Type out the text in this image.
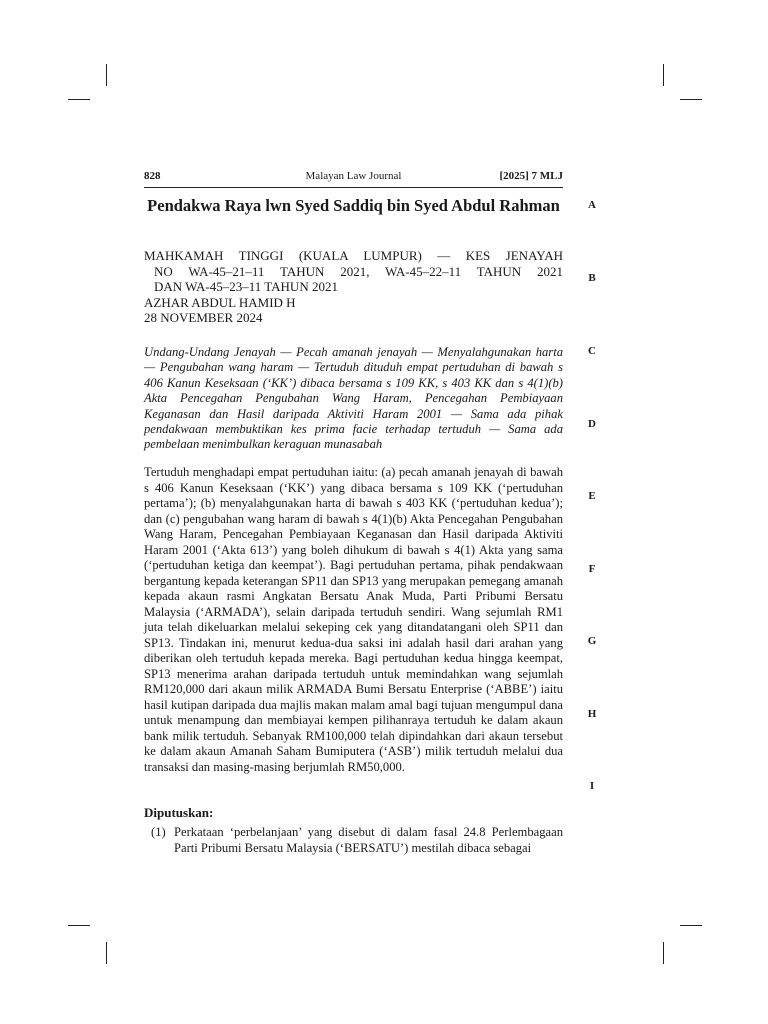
828	Malayan Law Journal	[2025] 7 MLJ
Pendakwa Raya lwn Syed Saddiq bin Syed Abdul Rahman

MAHKAMAH TINGGI (KUALA LUMPUR) — KES JENAYAH

NO WA-45–21–11 TAHUN 2021, WA-45–22–11 TAHUN 2021

DAN WA-45–23–11 TAHUN 2021

AZHAR ABDUL HAMID H

28 NOVEMBER 2024

Undang-Undang Jenayah — Pecah amanah jenayah — Menyalahgunakan harta — Pengubahan wang haram — Tertuduh dituduh empat pertuduhan di bawah s 406 Kanun Keseksaan (‘KK’) dibaca bersama s 109 KK, s 403 KK dan s 4(1)(b) Akta Pencegahan Pengubahan Wang Haram, Pencegahan Pembiayaan Keganasan dan Hasil daripada Aktiviti Haram 2001 — Sama ada pihak pendakwaan membuktikan kes prima facie terhadap tertuduh — Sama ada pembelaan menimbulkan keraguan munasabah

Tertuduh menghadapi empat pertuduhan iaitu: (a) pecah amanah jenayah di bawah s 406 Kanun Keseksaan (‘KK’) yang dibaca bersama s 109 KK (‘pertuduhan pertama’); (b) menyalahgunakan harta di bawah s 403 KK (‘pertuduhan kedua’); dan (c) pengubahan wang haram di bawah s 4(1)(b) Akta Pencegahan Pengubahan Wang Haram, Pencegahan Pembiayaan Keganasan dan Hasil daripada Aktiviti Haram 2001 (‘Akta 613’) yang boleh dihukum di bawah s 4(1) Akta yang sama (‘pertuduhan ketiga dan keempat’). Bagi pertuduhan pertama, pihak pendakwaan bergantung kepada keterangan SP11 dan SP13 yang merupakan pemegang amanah kepada akaun rasmi Angkatan Bersatu Anak Muda, Parti Pribumi Bersatu Malaysia (‘ARMADA’), selain daripada tertuduh sendiri. Wang sejumlah RM1 juta telah dikeluarkan melalui sekeping cek yang ditandatangani oleh SP11 dan SP13. Tindakan ini, menurut kedua-dua saksi ini adalah hasil dari arahan yang diberikan oleh tertuduh kepada mereka. Bagi pertuduhan kedua hingga keempat, SP13 menerima arahan daripada tertuduh untuk memindahkan wang sejumlah RM120,000 dari akaun milik ARMADA Bumi Bersatu Enterprise (‘ABBE’) iaitu hasil kutipan daripada dua majlis makan malam amal bagi tujuan mengumpul dana untuk menampung dan membiayai kempen pilihanraya tertuduh ke dalam akaun bank milik tertuduh. Sebanyak RM100,000 telah dipindahkan dari akaun tersebut ke dalam akaun Amanah Saham Bumiputera (‘ASB’) milik tertuduh melalui dua transaksi dan masing-masing berjumlah RM50,000.

Diputuskan:

(1) Perkataan ‘perbelanjaan’ yang disebut di dalam fasal 24.8 Perlembagaan Parti Pribumi Bersatu Malaysia (‘BERSATU’) mestilah dibaca sebagai

A
B
C
D
E
F
G
H
I
